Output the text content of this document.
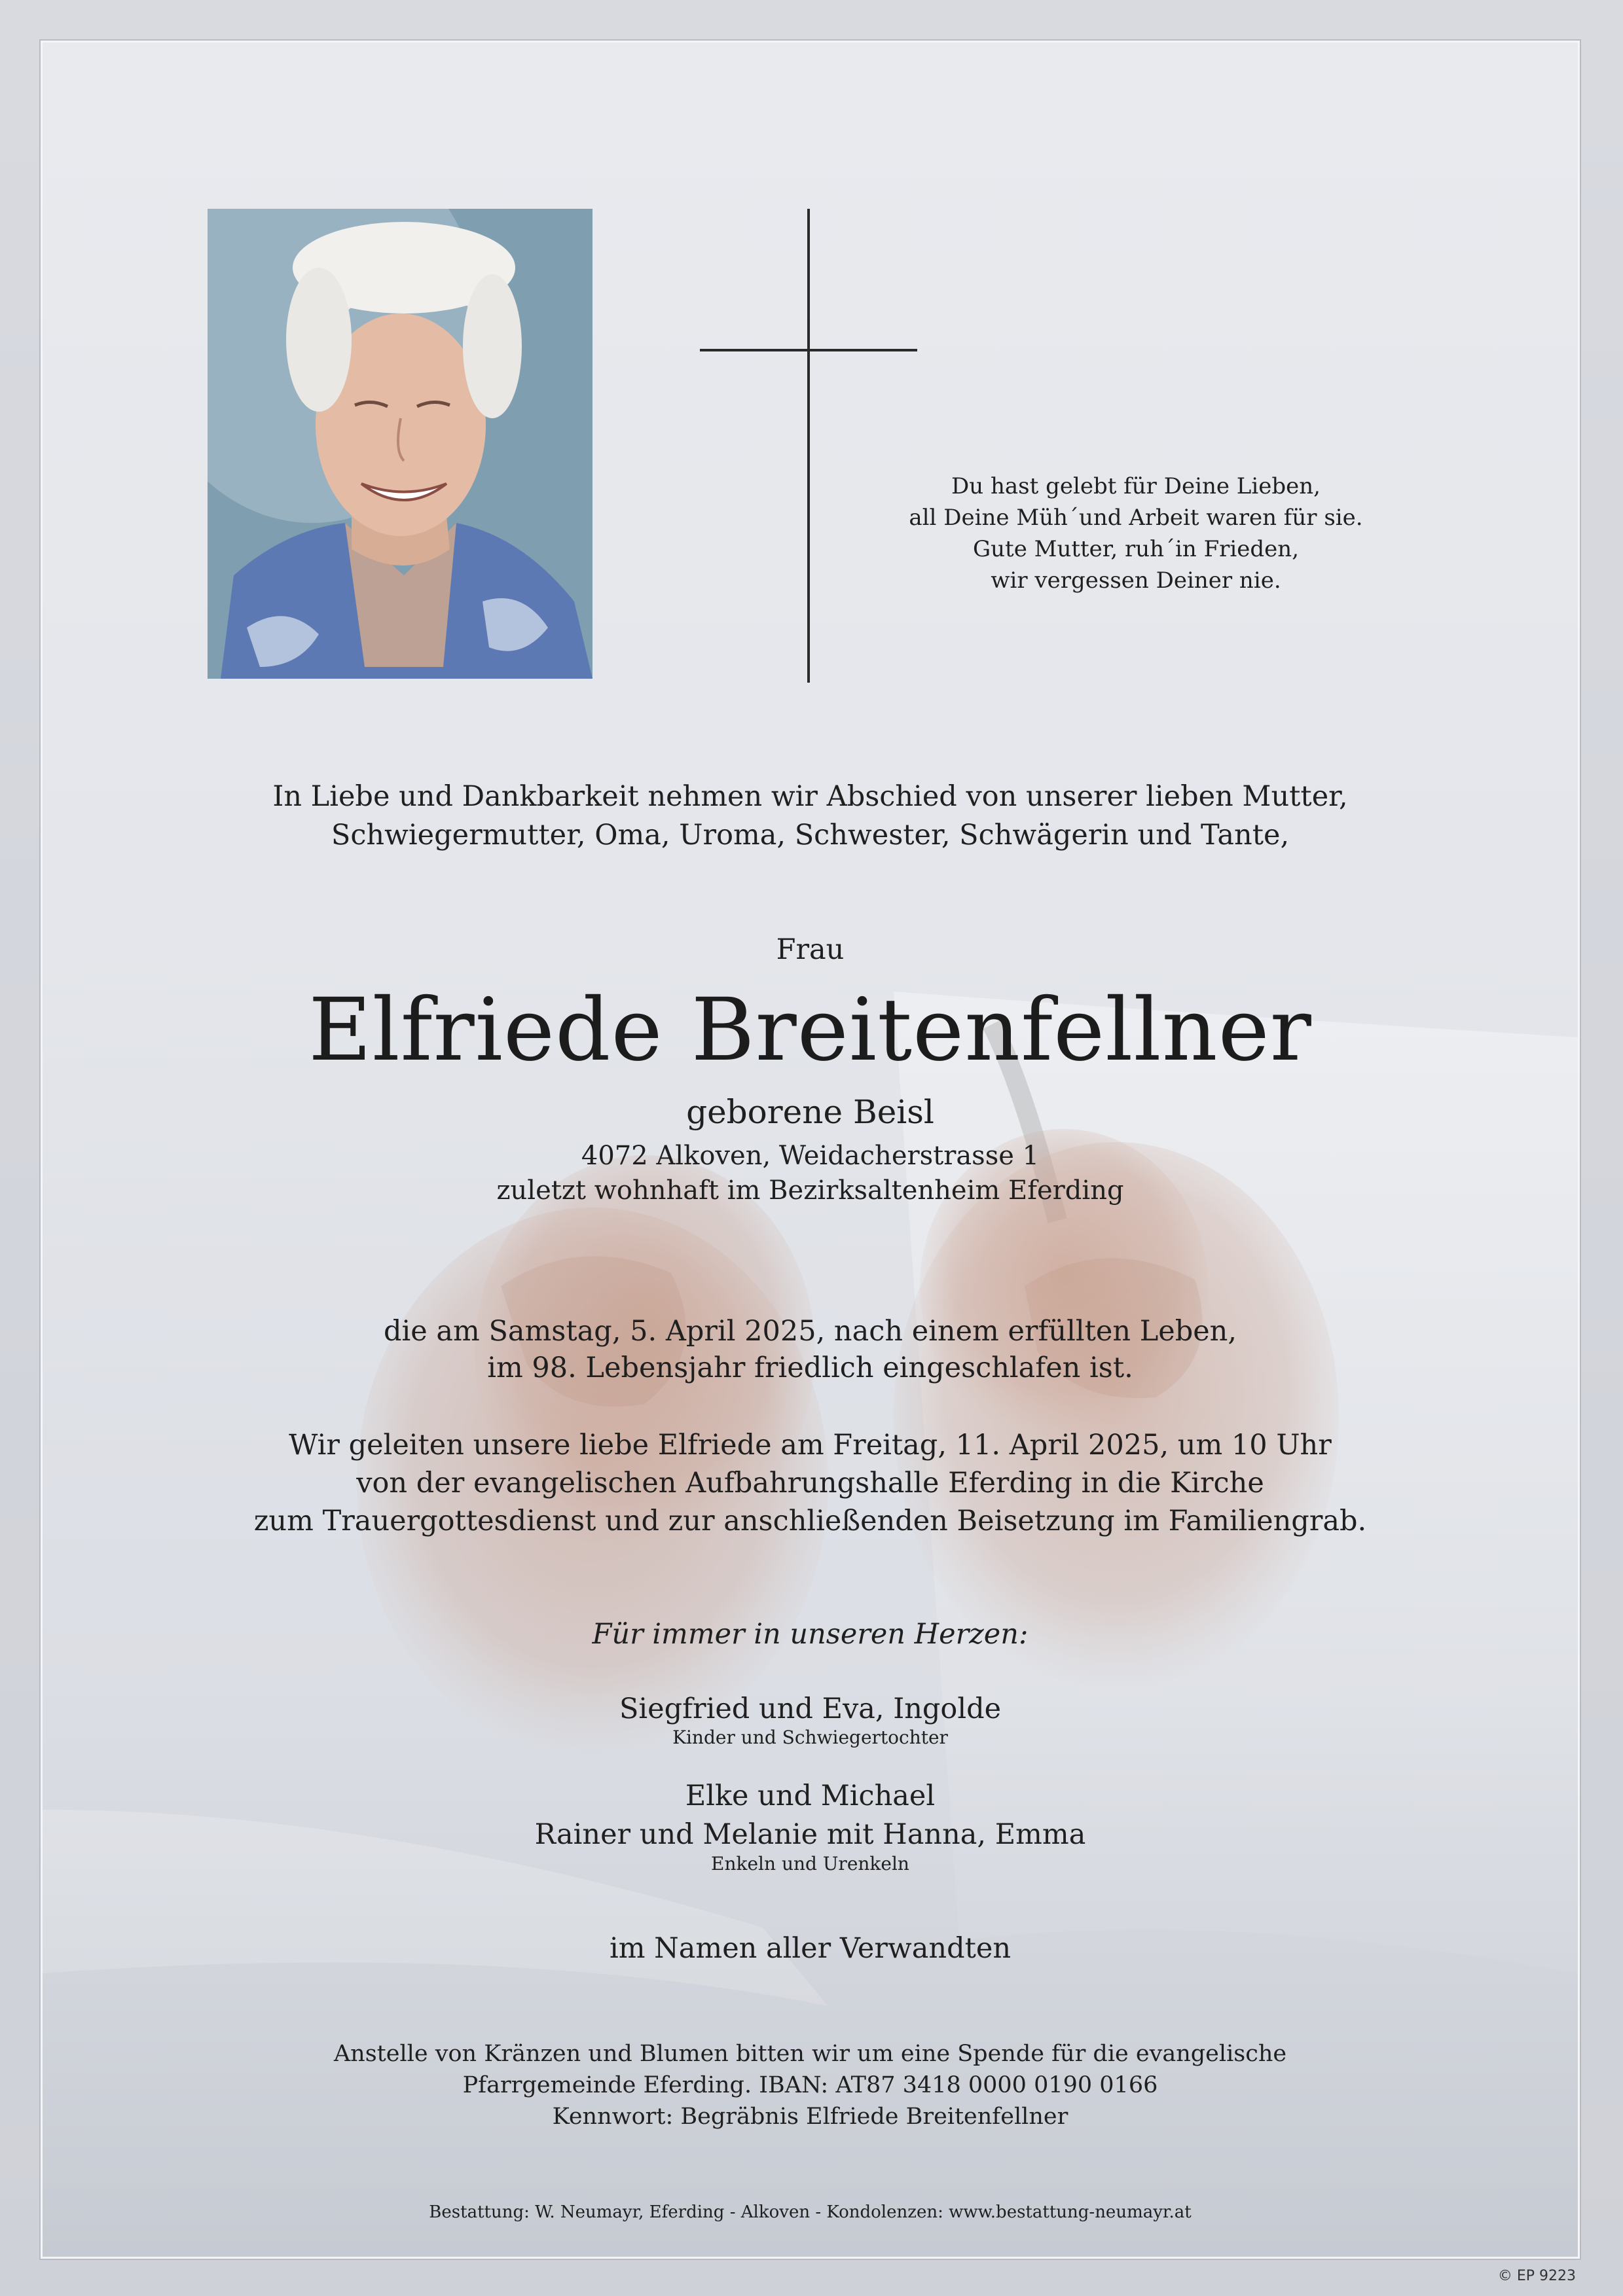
Du hast gelebt für Deine Lieben,
all Deine Müh´und Arbeit waren für sie.
Gute Mutter, ruh´in Frieden,
wir vergessen Deiner nie.
In Liebe und Dankbarkeit nehmen wir Abschied von unserer lieben Mutter,
Schwiegermutter, Oma, Uroma, Schwester, Schwägerin und Tante,
Frau
Elfriede Breitenfellner
geborene Beisl
4072 Alkoven, Weidacherstrasse 1
zuletzt wohnhaft im Bezirksaltenheim Eferding
die am Samstag, 5. April 2025, nach einem erfüllten Leben,
im 98. Lebensjahr friedlich eingeschlafen ist.
Wir geleiten unsere liebe Elfriede am Freitag, 11. April 2025, um 10 Uhr
von der evangelischen Aufbahrungshalle Eferding in die Kirche
zum Trauergottesdienst und zur anschließenden Beisetzung im Familiengrab.
Für immer in unseren Herzen:
Siegfried und Eva, Ingolde
Kinder und Schwiegertochter
Elke und Michael
Rainer und Melanie mit Hanna, Emma
Enkeln und Urenkeln
im Namen aller Verwandten
Anstelle von Kränzen und Blumen bitten wir um eine Spende für die evangelische
Pfarrgemeinde Eferding. IBAN: AT87 3418 0000 0190 0166
Kennwort: Begräbnis Elfriede Breitenfellner
Bestattung: W. Neumayr, Eferding - Alkoven - Kondolenzen: www.bestattung-neumayr.at
© EP 9223
